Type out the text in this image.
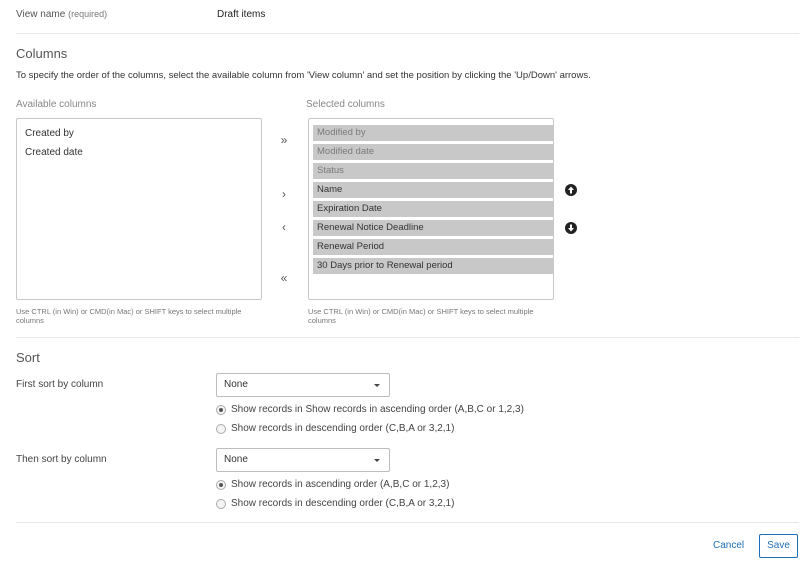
View name (required)	Draft items
Columns
To specify the order of the columns, select the available column from 'View column' and set the position by clicking the 'Up/Down' arrows.
Available columns	Selected columns
Created by
Created date
»
›
‹
«
Modified by
Modified date
Status
Name
Expiration Date
Renewal Notice Deadline
Renewal Period
30 Days prior to Renewal period
Use CTRL (in Win) or CMD(in Mac) or SHIFT keys to select multiple columns
Use CTRL (in Win) or CMD(in Mac) or SHIFT keys to select multiple columns
Sort
First sort by column	None
Show records in Show records in ascending order (A,B,C or 1,2,3)
Show records in descending order (C,B,A or 3,2,1)
Then sort by column	None
Show records in ascending order (A,B,C or 1,2,3)
Show records in descending order (C,B,A or 3,2,1)
Cancel	Save
